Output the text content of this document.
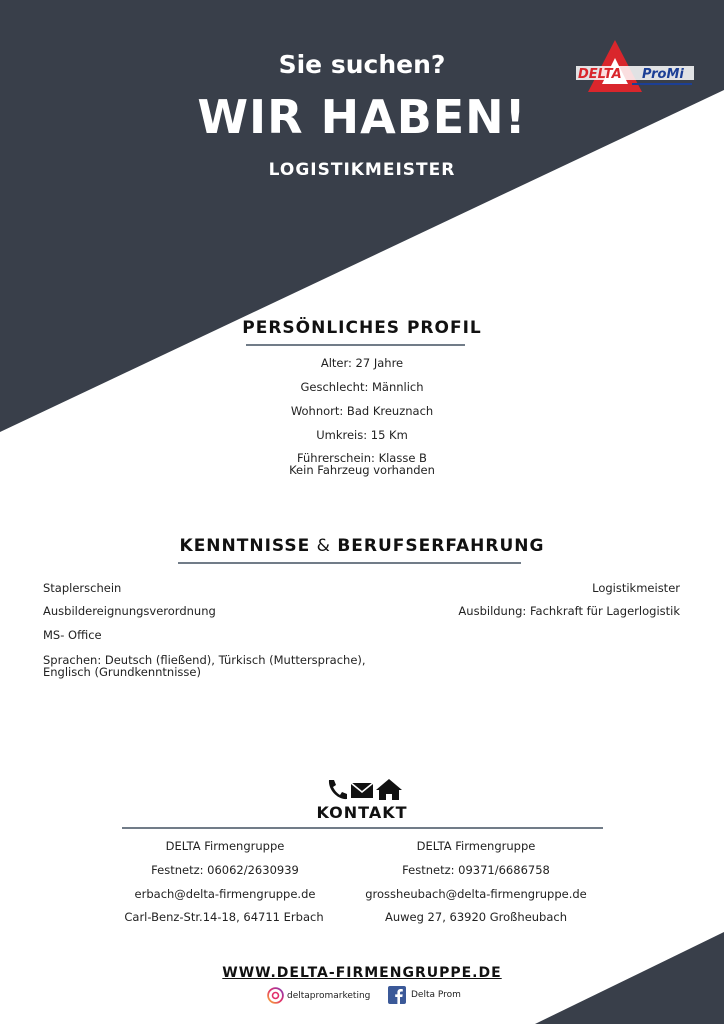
Sie suchen?
WIR HABEN!
LOGISTIKMEISTER
DELTA ProMi
PERSÖNLICHES PROFIL
Alter: 27 Jahre
Geschlecht: Männlich
Wohnort: Bad Kreuznach
Umkreis: 15 Km
Führerschein: Klasse B
Kein Fahrzeug vorhanden
KENNTNISSE & BERUFSERFAHRUNG
Staplerschein
Ausbildereignungsverordnung
MS- Office
Sprachen: Deutsch (fließend), Türkisch (Muttersprache),
Englisch (Grundkenntnisse)
Logistikmeister
Ausbildung: Fachkraft für Lagerlogistik
KONTAKT
DELTA Firmengruppe
Festnetz: 06062/2630939
erbach@delta-firmengruppe.de
Carl-Benz-Str.14-18, 64711 Erbach
DELTA Firmengruppe
Festnetz: 09371/6686758
grossheubach@delta-firmengruppe.de
Auweg 27, 63920 Großheubach
WWW.DELTA-FIRMENGRUPPE.DE
deltapromarketing	Delta Prom
